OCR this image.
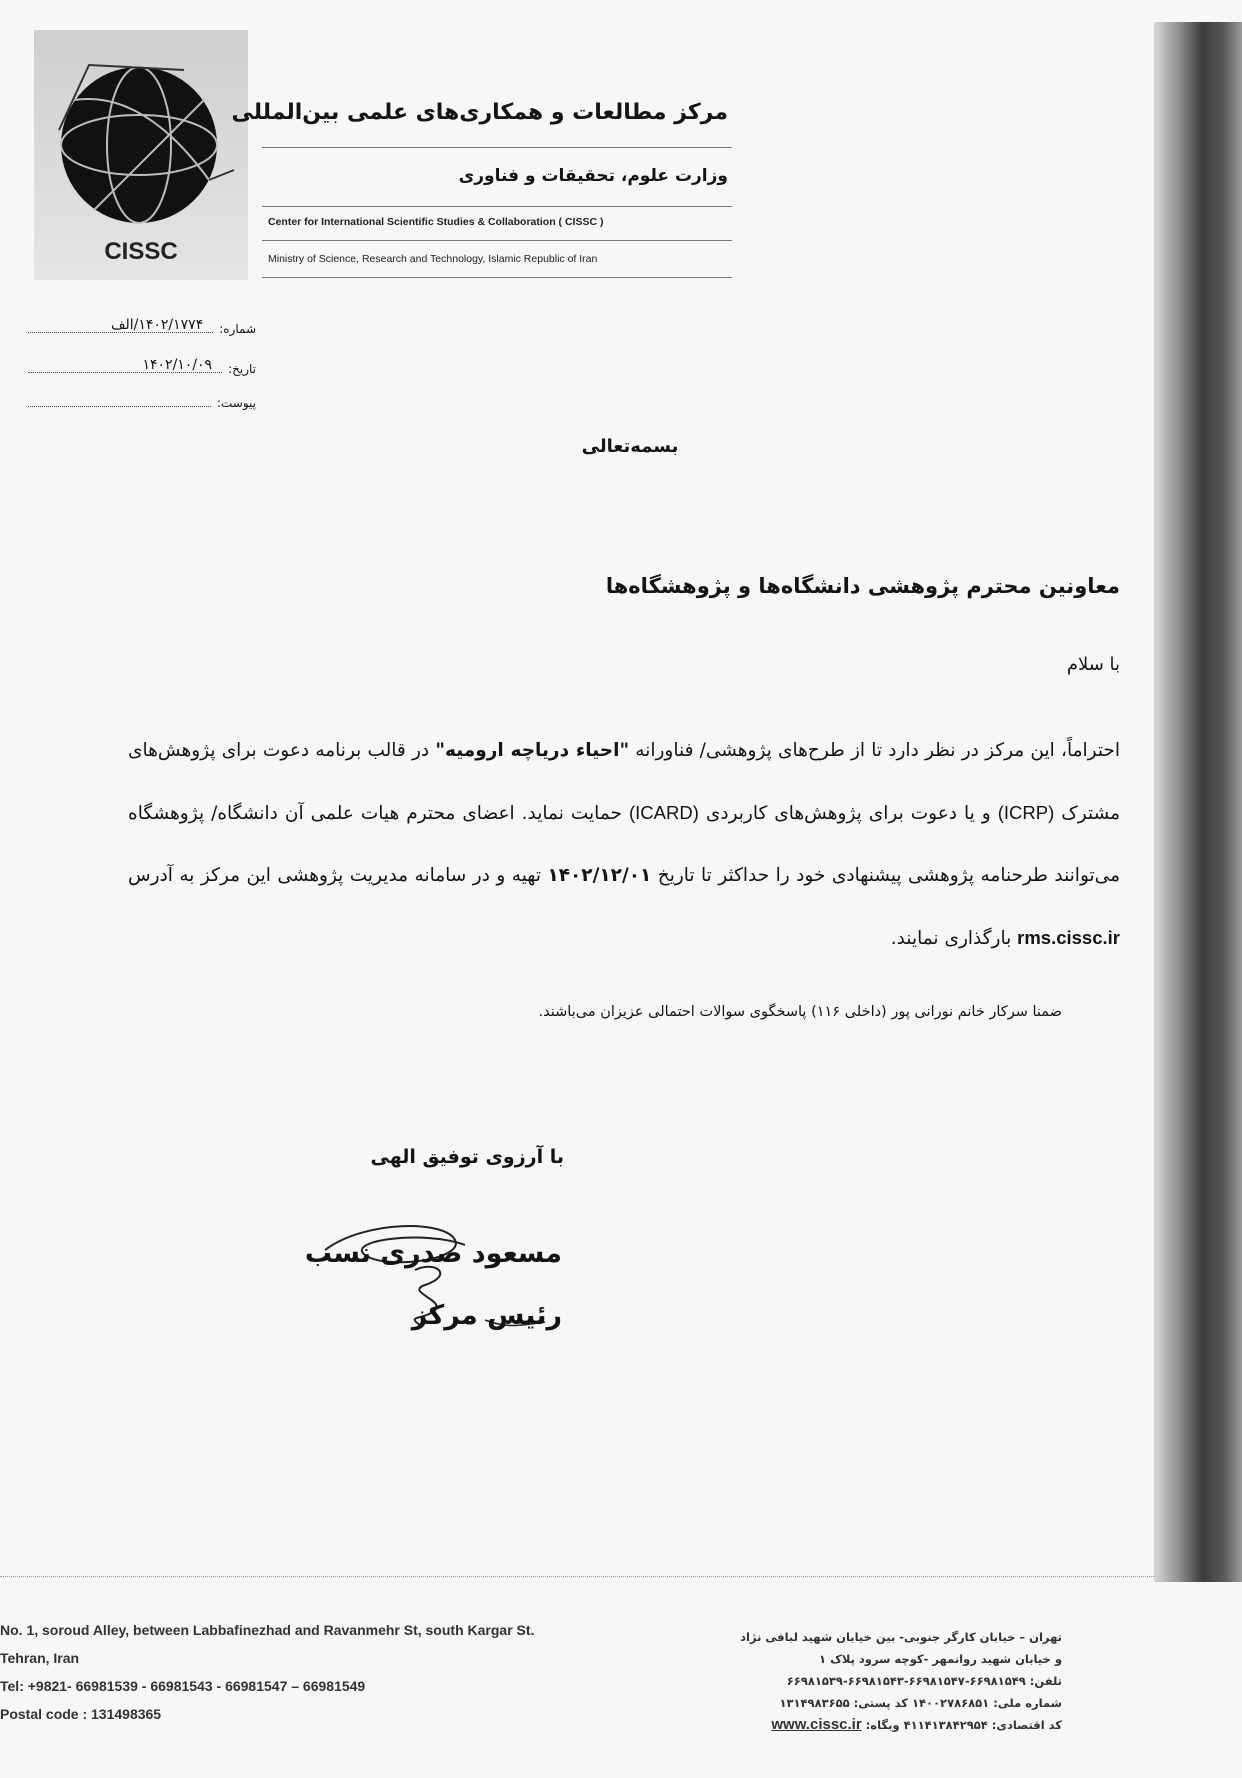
CISSC
مرکز مطالعات و همکاری‌های علمی بین‌المللی
وزارت علوم، تحقیقات و فناوری
Center for International Scientific Studies & Collaboration ( CISSC )
Ministry of Science, Research and Technology, Islamic Republic of Iran
شماره:
۱۴۰۲/۱۷۷۴/الف
تاریخ:
۱۴۰۲/۱۰/۰۹
پیوست:
بسمه‌تعالی
معاونین محترم پژوهشی دانشگاه‌ها و پژوهشگاه‌ها
با سلام
احتراماً، این مرکز در نظر دارد تا از طرح‌های پژوهشی/ فناورانه "احیاء دریاچه ارومیه" در قالب برنامه دعوت برای پژوهش‌های مشترک (ICRP) و یا دعوت برای پژوهش‌های کاربردی (ICARD) حمایت نماید. اعضای محترم هیات علمی آن دانشگاه/ پژوهشگاه می‌توانند طرحنامه پژوهشی پیشنهادی خود را حداکثر تا تاریخ ۱۴۰۲/۱۲/۰۱ تهیه و در سامانه مدیریت پژوهشی این مرکز به آدرس rms.cissc.ir بارگذاری نمایند.
ضمنا سرکار خانم نورانی پور (داخلی ۱۱۶) پاسخگوی سوالات احتمالی عزیزان می‌باشند.
با آرزوی توفیق الهی
مسعود صدری نسب
رئیس مرکز
No. 1, soroud Alley, between Labbafinezhad and Ravanmehr St, south Kargar St.
Tehran, Iran
Tel: +9821- 66981539 - 66981543 - 66981547 – 66981549
Postal code : 131498365
تهران – خیابان کارگر جنوبی- بین خیابان شهید لبافی نژاد
و خیابان شهید روانمهر -کوچه سرود پلاک ۱
تلفن: ۶۶۹۸۱۵۴۹-۶۶۹۸۱۵۴۷-۶۶۹۸۱۵۴۳-۶۶۹۸۱۵۳۹
شماره ملی: ۱۴۰۰۲۷۸۶۸۵۱ کد پستی: ۱۳۱۴۹۸۳۶۵۵
کد اقتصادی: ۴۱۱۴۱۳۸۴۲۹۵۴ وبگاه: www.cissc.ir
